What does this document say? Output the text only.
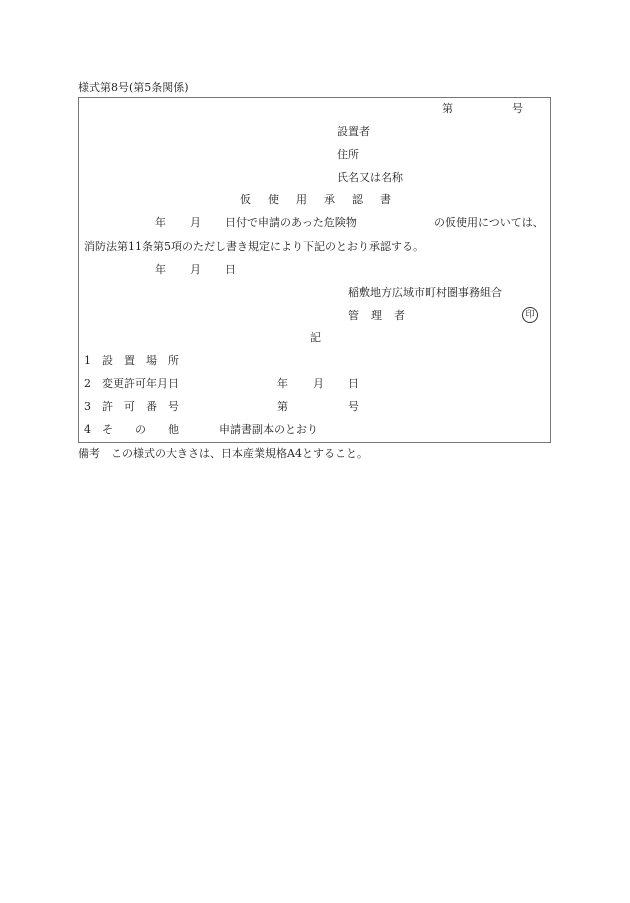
様式第8号(第5条関係)
第	号
設置者
住所
氏名又は名称
仮 使 用 承 認 書
年 月 日付で申請のあった危険物	の仮使用については、
消防法第11条第5項のただし書き規定により下記のとおり承認する。
年 月 日
稲敷地方広域市町村圏事務組合
管 理 者	印
記
1 設 置 場 所
2 変更許可年月日	年 月 日
3 許 可 番 号	第	号
4 そ の 他	申請書副本のとおり
備考　この様式の大きさは、日本産業規格A4とすること。
